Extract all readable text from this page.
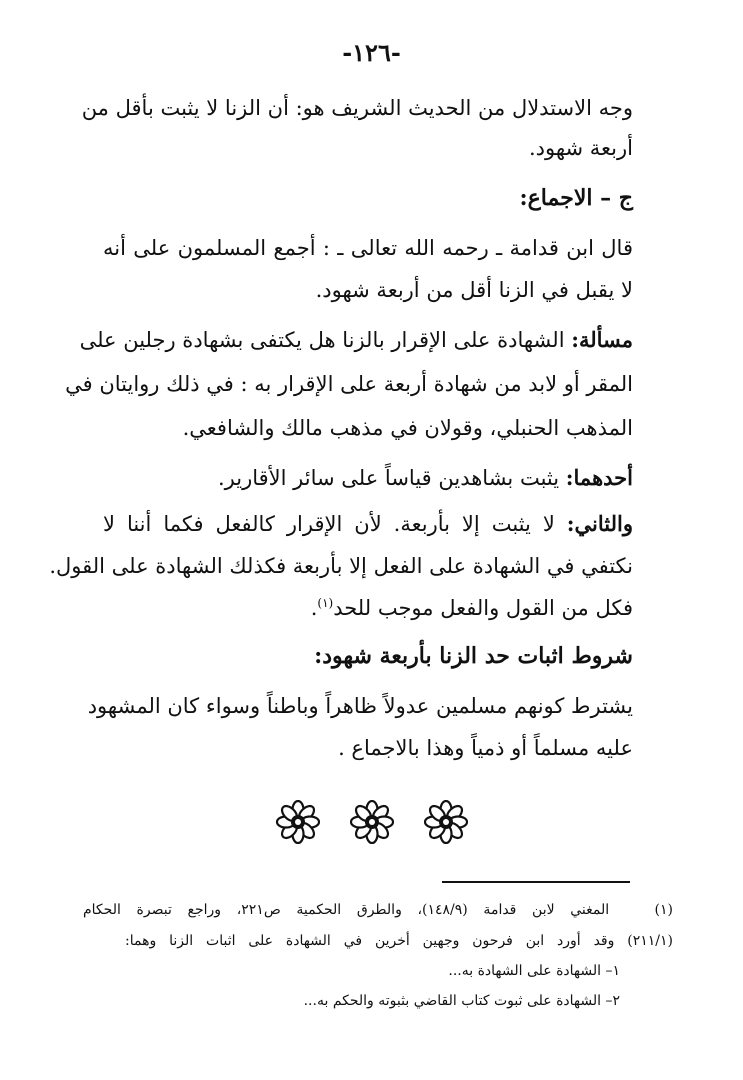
-١٢٦-
وجه الاستدلال من الحديث الشريف هو: أن الزنا لا يثبت بأقل من
أربعة شهود.
ج – الاجماع:
قال ابن قدامة ـ رحمه الله تعالى ـ : أجمع المسلمون على أنه
لا يقبل في الزنا أقل من أربعة شهود.
مسألة: الشهادة على الإقرار بالزنا هل يكتفى بشهادة رجلين على
المقر أو لابد من شهادة أربعة على الإقرار به : في ذلك روايتان في
المذهب الحنبلي، وقولان في مذهب مالك والشافعي.
أحدهما: يثبت بشاهدين قياساً على سائر الأقارير.
والثاني: لا يثبت إلا بأربعة. لأن الإقرار كالفعل فكما أننا لا
نكتفي في الشهادة على الفعل إلا بأربعة فكذلك الشهادة على القول.
فكل من القول والفعل موجب للحد$^{(١)}$.
شروط اثبات حد الزنا بأربعة شهود:
يشترط كونهم مسلمين عدولاً ظاهراً وباطناً وسواء كان المشهود
عليه مسلماً أو ذمياً وهذا بالاجماع .
(١)  المغني لابن قدامة (١٤٨/٩)، والطرق الحكمية ص٢٢١، وراجع تبصرة الحكام
(٢١١/١) وقد أورد ابن فرحون وجهين أخرين في الشهادة على اثبات الزنا وهما:
١– الشهادة على الشهادة به...
٢– الشهادة على ثبوت كتاب القاضي بثبوته والحكم به...
